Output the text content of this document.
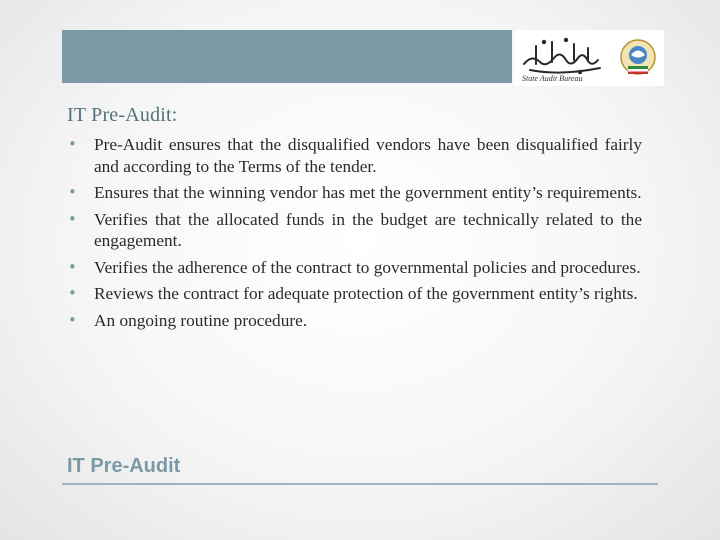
State Audit Bureau
IT Pre-Audit:
• Pre-Audit ensures that the disqualified vendors have been disqualified fairly and according to the Terms of the tender.
• Ensures that the winning vendor has met the government entity’s requirements.
• Verifies that the allocated funds in the budget are technically related to the engagement.
• Verifies the adherence of the contract to governmental policies and procedures.
• Reviews the contract for adequate protection of the government entity’s rights.
• An ongoing routine procedure.
IT Pre-Audit
